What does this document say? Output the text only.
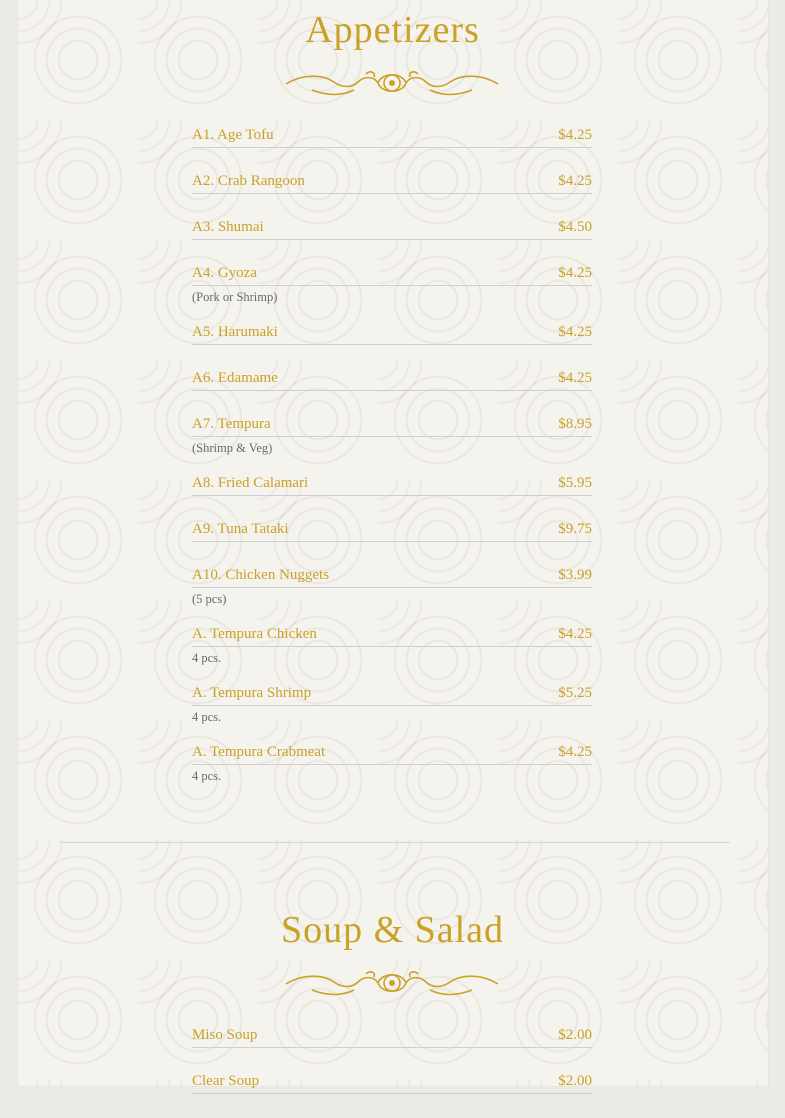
Appetizers
A1. Age Tofu	$4.25
A2. Crab Rangoon	$4.25
A3. Shumai	$4.50
A4. Gyoza	$4.25
(Pork or Shrimp)
A5. Harumaki	$4.25
A6. Edamame	$4.25
A7. Tempura	$8.95
(Shrimp & Veg)
A8. Fried Calamari	$5.95
A9. Tuna Tataki	$9.75
A10. Chicken Nuggets	$3.99
(5 pcs)
A. Tempura Chicken	$4.25
4 pcs.
A. Tempura Shrimp	$5.25
4 pcs.
A. Tempura Crabmeat	$4.25
4 pcs.
Soup & Salad
Miso Soup	$2.00
Clear Soup	$2.00
